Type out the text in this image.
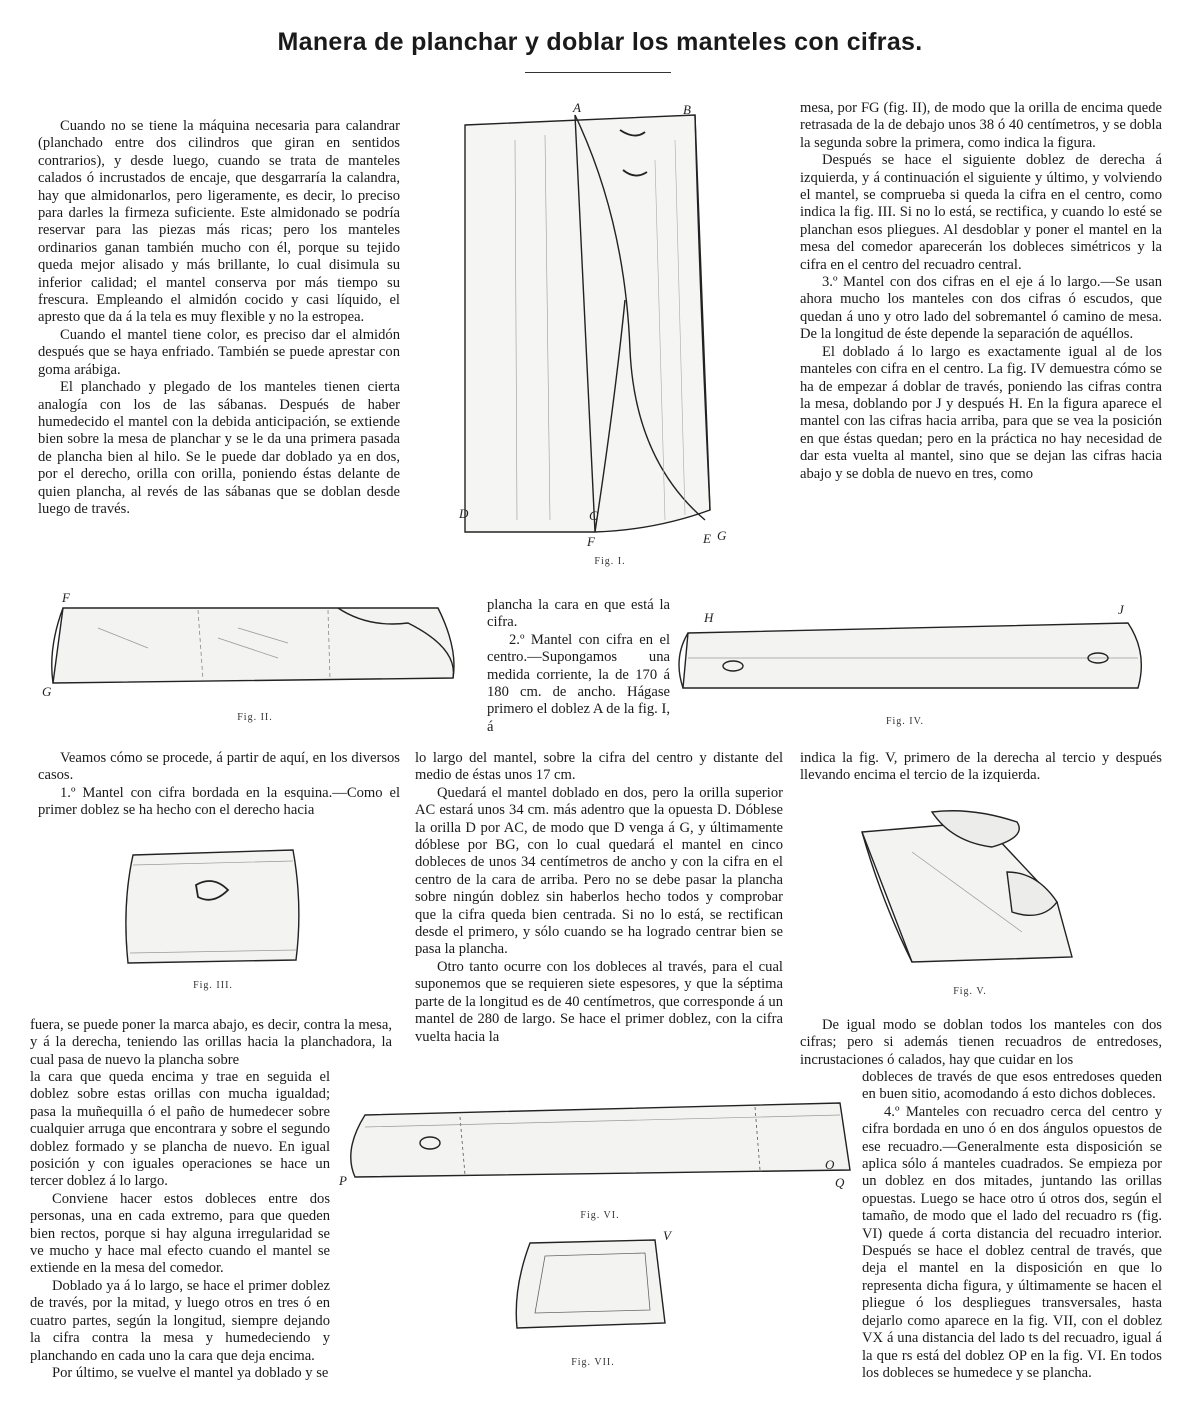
Manera de planchar y doblar los manteles con cifras.

Cuando no se tiene la máquina necesaria para calandrar (planchado entre dos cilindros que giran en sentidos contrarios), y desde luego, cuando se trata de manteles calados ó incrustados de encaje, que desgarraría la calandra, hay que almidonarlos, pero ligeramente, es decir, lo preciso para darles la firmeza suficiente. Este almidonado se podría reservar para las piezas más ricas; pero los manteles ordinarios ganan también mucho con él, porque su tejido queda mejor alisado y más brillante, lo cual disimula su inferior calidad; el mantel conserva por más tiempo su frescura. Empleando el almidón cocido y casi líquido, el apresto que da á la tela es muy flexible y no la estropea.

Cuando el mantel tiene color, es preciso dar el almidón después que se haya enfriado. También se puede aprestar con goma arábiga.

El planchado y plegado de los manteles tienen cierta analogía con los de las sábanas. Después de haber humedecido el mantel con la debida anticipación, se extiende bien sobre la mesa de planchar y se le da una primera pasada de plancha bien al hilo. Se le puede dar doblado ya en dos, por el derecho, orilla con orilla, poniendo éstas delante de quien plancha, al revés de las sábanas que se doblan desde luego de través.

A	B
F
C
D
E G
Fig. I.

mesa, por FG (fig. II), de modo que la orilla de encima quede retrasada de la de debajo unos 38 ó 40 centímetros, y se dobla la segunda sobre la primera, como indica la figura.

Después se hace el siguiente doblez de derecha á izquierda, y á continuación el siguiente y último, y volviendo el mantel, se comprueba si queda la cifra en el centro, como indica la fig. III. Si no lo está, se rectifica, y cuando lo esté se planchan esos pliegues. Al desdoblar y poner el mantel en la mesa del comedor aparecerán los dobleces simétricos y la cifra en el centro del recuadro central.

3.º Mantel con dos cifras en el eje á lo largo.—Se usan ahora mucho los manteles con dos cifras ó escudos, que quedan á uno y otro lado del sobremantel ó camino de mesa. De la longitud de éste depende la separación de aquéllos.

El doblado á lo largo es exactamente igual al de los manteles con cifra en el centro. La fig. IV demuestra cómo se ha de empezar á doblar de través, poniendo las cifras contra la mesa, doblando por J y después H. En la figura aparece el mantel con las cifras hacia arriba, para que se vea la posición en que éstas quedan; pero en la práctica no hay necesidad de dar esta vuelta al mantel, sino que se dejan las cifras hacia abajo y se dobla de nuevo en tres, como

F
G
Fig. II.

plancha la cara en que está la cifra.

2.º Mantel con cifra en el centro.—Supongamos una medida corriente, la de 170 á 180 cm. de ancho. Hágase primero el doblez A de la fig. I, á

H
J
Fig. IV.

Veamos cómo se procede, á partir de aquí, en los diversos casos.

1.º Mantel con cifra bordada en la esquina.—Como el primer doblez se ha hecho con el derecho hacia

Fig. III.

lo largo del mantel, sobre la cifra del centro y distante del medio de éstas unos 17 cm.

Quedará el mantel doblado en dos, pero la orilla superior AC estará unos 34 cm. más adentro que la opuesta D. Dóblese la orilla D por AC, de modo que D venga á G, y últimamente dóblese por BG, con lo cual quedará el mantel en cinco dobleces de unos 34 centímetros de ancho y con la cifra en el centro de la cara de arriba. Pero no se debe pasar la plancha sobre ningún doblez sin haberlos hecho todos y comprobar que la cifra queda bien centrada. Si no lo está, se rectifican desde el primero, y sólo cuando se ha logrado centrar bien se pasa la plancha.

Otro tanto ocurre con los dobleces al través, para el cual suponemos que se requieren siete espesores, y que la séptima parte de la longitud es de 40 centímetros, que corresponde á un mantel de 280 de largo. Se hace el primer doblez, con la cifra vuelta hacia la

indica la fig. V, primero de la derecha al tercio y después llevando encima el tercio de la izquierda.

Fig. V.

fuera, se puede poner la marca abajo, es decir, contra la mesa, y á la derecha, teniendo las orillas hacia la planchadora, la cual pasa de nuevo la plancha sobre

la cara que queda encima y trae en seguida el doblez sobre estas orillas con mucha igualdad; pasa la muñequilla ó el paño de humedecer sobre cualquier arruga que encontrara y sobre el segundo doblez formado y se plancha de nuevo. En igual posición y con iguales operaciones se hace un tercer doblez á lo largo.

Conviene hacer estos dobleces entre dos personas, una en cada extremo, para que queden bien rectos, porque si hay alguna irregularidad se ve mucho y hace mal efecto cuando el mantel se extiende en la mesa del comedor.

Doblado ya á lo largo, se hace el primer doblez de través, por la mitad, y luego otros en tres ó en cuatro partes, según la longitud, siempre dejando la cifra contra la mesa y humedeciendo y planchando en cada uno la cara que deja encima.

Por último, se vuelve el mantel ya doblado y se

De igual modo se doblan todos los manteles con dos cifras; pero si además tienen recuadros de entredoses, incrustaciones ó calados, hay que cuidar en los

dobleces de través de que esos entredoses queden en buen sitio, acomodando á esto dichos dobleces.

4.º Manteles con recuadro cerca del centro y cifra bordada en uno ó en dos ángulos opuestos de ese recuadro.—Generalmente esta disposición se aplica sólo á manteles cuadrados. Se empieza por un doblez en dos mitades, juntando las orillas opuestas. Luego se hace otro ú otros dos, según el tamaño, de modo que el lado del recuadro rs (fig. VI) quede á corta distancia del recuadro interior. Después se hace el doblez central de través, que deja el mantel en la disposición en que lo representa dicha figura, y últimamente se hacen el pliegue ó los despliegues transversales, hasta dejarlo como aparece en la fig. VII, con el doblez VX á una distancia del lado ts del recuadro, igual á la que rs está del doblez OP en la fig. VI. En todos los dobleces se humedece y se plancha.

P
O
Q
Fig. VI.
V
Fig. VII.
